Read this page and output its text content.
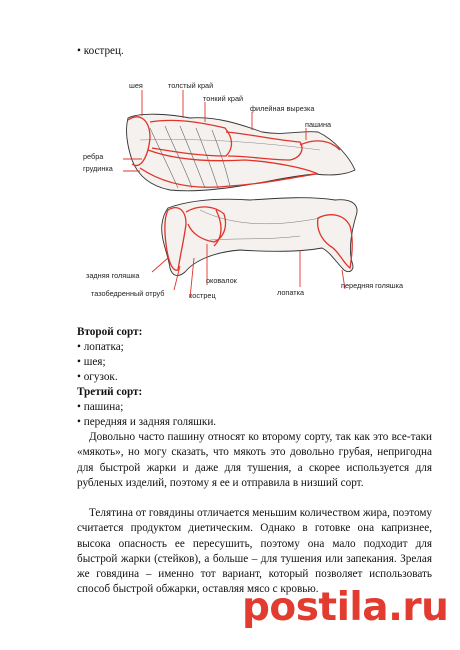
• кострец.
шея	толстый край
тонкий край
филейная вырезка
пашина
ребра
грудинка
задняя голяшка
тазобедренный отруб
оковалок
кострец	лопатка
передняя голяшка
Второй сорт:
• лопатка;
• шея;
• огузок.
Третий сорт:
• пашина;
• передняя и задняя голяшки.
Довольно часто пашину относят ко второму сорту, так как это все-таки «мякоть», но могу сказать, что мякоть это довольно грубая, непригодна для быстрой жарки и даже для тушения, а скорее используется для рубленых изделий, поэтому я ее и отправила в низший сорт.
Телятина от говядины отличается меньшим количеством жира, поэтому считается продуктом диетическим. Однако в готовке она капризнее, высока опасность ее пересушить, поэтому она мало подходит для быстрой жарки (стейков), а больше – для тушения или запекания. Зрелая же говядина – именно тот вариант, который позволяет использовать способ быстрой обжарки, оставляя мясо с кровью.
postila.ru
